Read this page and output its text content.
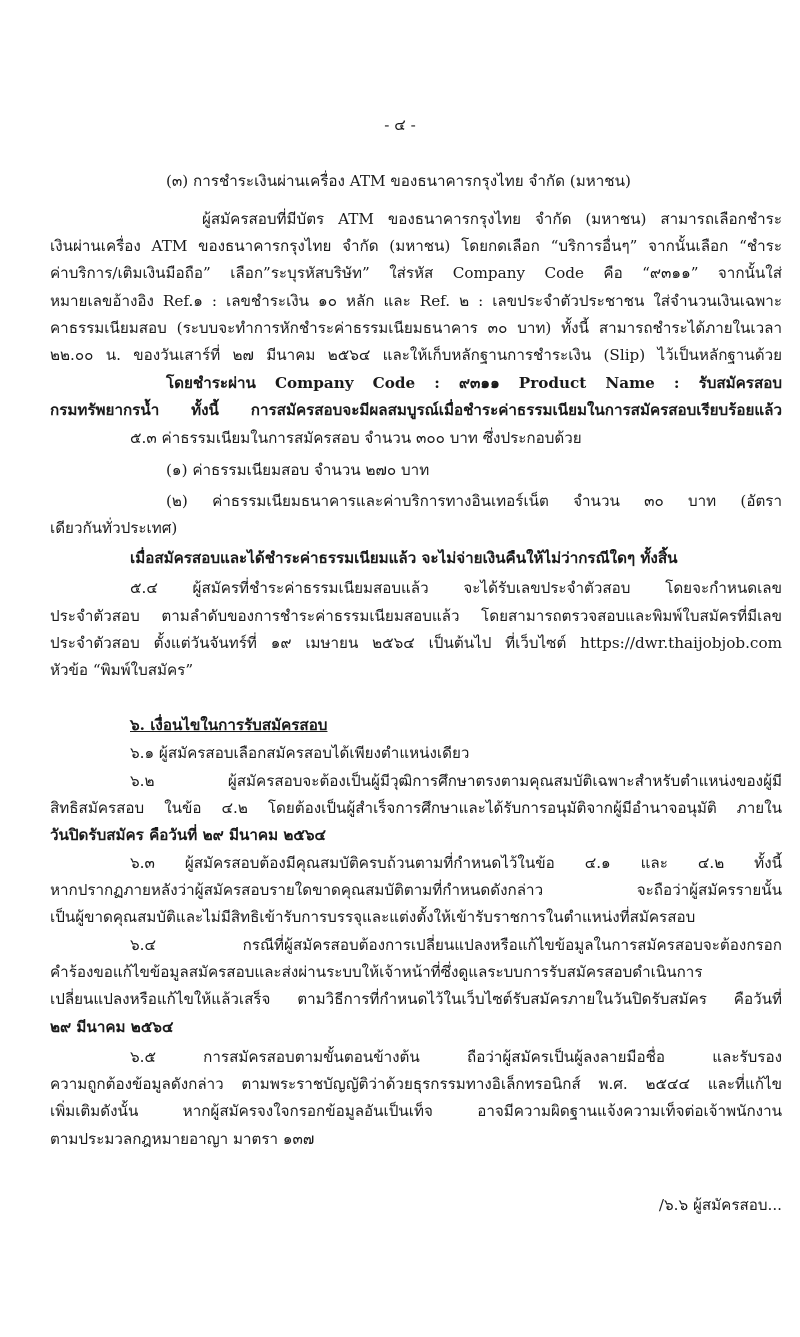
- ๔ -
(๓) การชำระเงินผ่านเครื่อง ATM ของธนาคารกรุงไทย จำกัด (มหาชน)
ผู้สมัครสอบที่มีบัตร ATM ของธนาคารกรุงไทย จำกัด (มหาชน) สามารถเลือกชำระ
เงินผ่านเครื่อง ATM ของธนาคารกรุงไทย จำกัด (มหาชน) โดยกดเลือก “บริการอื่นๆ” จากนั้นเลือก “ชำระ
ค่าบริการ/เติมเงินมือถือ” เลือก”ระบุรหัสบริษัท” ใส่รหัส Company Code คือ “๙๓๑๑” จากนั้นใส่
หมายเลขอ้างอิง Ref.๑ : เลขชำระเงิน ๑๐ หลัก และ Ref. ๒ : เลขประจำตัวประชาชน ใส่จำนวนเงินเฉพาะ
คาธรรมเนียมสอบ (ระบบจะทำการหักชำระค่าธรรมเนียมธนาคาร ๓๐ บาท) ทั้งนี้ สามารถชำระได้ภายในเวลา
๒๒.๐๐ น. ของวันเสาร์ที่ ๒๗ มีนาคม ๒๕๖๔ และให้เก็บหลักฐานการชำระเงิน (Slip) ไว้เป็นหลักฐานด้วย
โดยชำระผ่าน Company Code : ๙๓๑๑ Product Name : รับสมัครสอบ
กรมทรัพยากรน้ำ ทั้งนี้ การสมัครสอบจะมีผลสมบูรณ์เมื่อชำระค่าธรรมเนียมในการสมัครสอบเรียบร้อยแล้ว
๕.๓ ค่าธรรมเนียมในการสมัครสอบ จำนวน ๓๐๐ บาท ซึ่งประกอบด้วย
(๑) ค่าธรรมเนียมสอบ จำนวน ๒๗๐ บาท
(๒) ค่าธรรมเนียมธนาคารและค่าบริการทางอินเทอร์เน็ต จำนวน ๓๐ บาท (อัตรา
เดียวกันทั่วประเทศ)
เมื่อสมัครสอบและได้ชำระค่าธรรมเนียมแล้ว จะไม่จ่ายเงินคืนให้ไม่ว่ากรณีใดๆ ทั้งสิ้น
๕.๔ ผู้สมัครที่ชำระค่าธรรมเนียมสอบแล้ว จะได้รับเลขประจำตัวสอบ โดยจะกำหนดเลข
ประจำตัวสอบ ตามลำดับของการชำระค่าธรรมเนียมสอบแล้ว โดยสามารถตรวจสอบและพิมพ์ใบสมัครที่มีเลข
ประจำตัวสอบ ตั้งแต่วันจันทร์ที่ ๑๙ เมษายน ๒๕๖๔ เป็นต้นไป ที่เว็บไซต์ https://dwr.thaijobjob.com
หัวข้อ “พิมพ์ใบสมัคร”
๖. เงื่อนไขในการรับสมัครสอบ
๖.๑ ผู้สมัครสอบเลือกสมัครสอบได้เพียงตำแหน่งเดียว
๖.๒ ผู้สมัครสอบจะต้องเป็นผู้มีวุฒิการศึกษาตรงตามคุณสมบัติเฉพาะสำหรับตำแหน่งของผู้มี
สิทธิสมัครสอบ ในข้อ ๔.๒ โดยต้องเป็นผู้สำเร็จการศึกษาและได้รับการอนุมัติจากผู้มีอำนาจอนุมัติ ภายใน
วันปิดรับสมัคร คือวันที่ ๒๙ มีนาคม ๒๕๖๔
๖.๓ ผู้สมัครสอบต้องมีคุณสมบัติครบถ้วนตามที่กำหนดไว้ในข้อ ๔.๑ และ ๔.๒ ทั้งนี้
หากปรากฏภายหลังว่าผู้สมัครสอบรายใดขาดคุณสมบัติตามที่กำหนดดังกล่าว จะถือว่าผู้สมัครรายนั้น
เป็นผู้ขาดคุณสมบัติและไม่มีสิทธิเข้ารับการบรรจุและแต่งตั้งให้เข้ารับราชการในตำแหน่งที่สมัครสอบ
๖.๔ กรณีที่ผู้สมัครสอบต้องการเปลี่ยนแปลงหรือแก้ไขข้อมูลในการสมัครสอบจะต้องกรอก
คำร้องขอแก้ไขข้อมูลสมัครสอบและส่งผ่านระบบให้เจ้าหน้าที่ซึ่งดูแลระบบการรับสมัครสอบดำเนินการ
เปลี่ยนแปลงหรือแก้ไขให้แล้วเสร็จ ตามวิธีการที่กำหนดไว้ในเว็บไซต์รับสมัครภายในวันปิดรับสมัคร คือวันที่
๒๙ มีนาคม ๒๕๖๔
๖.๕ การสมัครสอบตามขั้นตอนข้างต้น ถือว่าผู้สมัครเป็นผู้ลงลายมือชื่อ และรับรอง
ความถูกต้องข้อมูลดังกล่าว ตามพระราชบัญญัติว่าด้วยธุรกรรมทางอิเล็กทรอนิกส์ พ.ศ. ๒๕๔๔ และที่แก้ไข
เพิ่มเติมดังนั้น หากผู้สมัครจงใจกรอกข้อมูลอันเป็นเท็จ อาจมีความผิดฐานแจ้งความเท็จต่อเจ้าพนักงาน
ตามประมวลกฎหมายอาญา มาตรา ๑๓๗
/๖.๖ ผู้สมัครสอบ...
